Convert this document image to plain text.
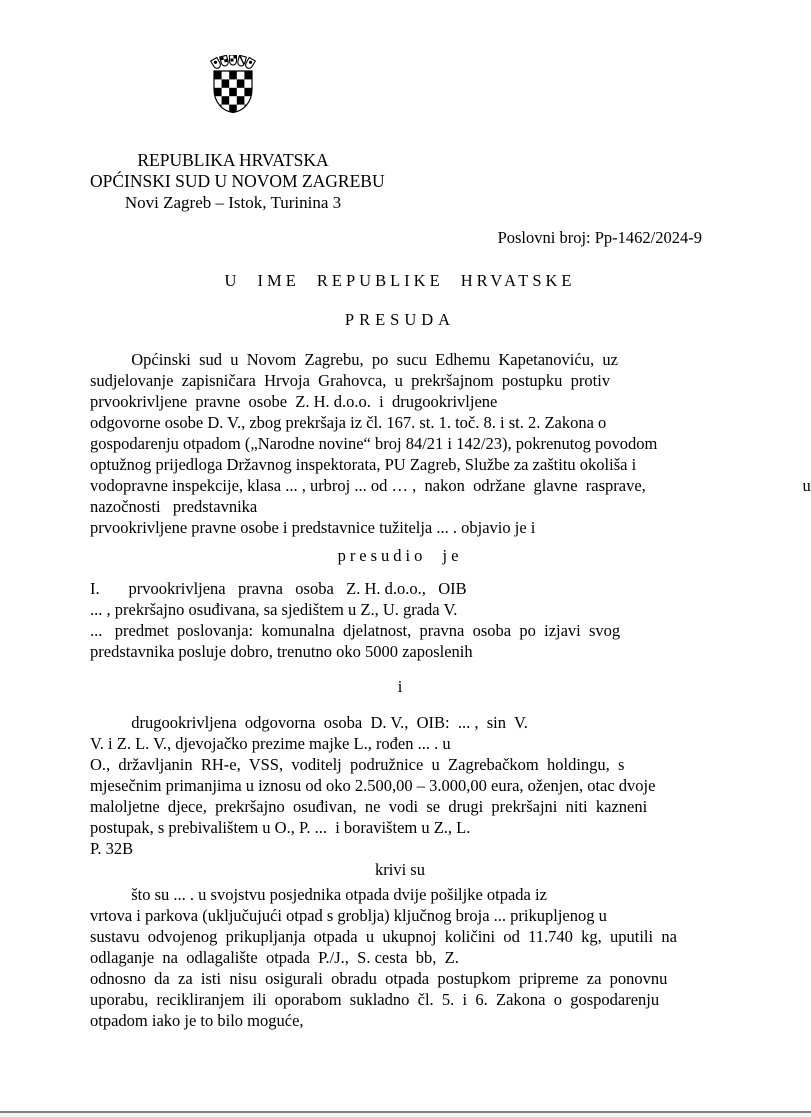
REPUBLIKA HRVATSKA
OPĆINSKI SUD U NOVOM ZAGREBU
Novi Zagreb – Istok, Turinina 3
Poslovni broj: Pp-1462/2024-9
U IME REPUBLIKE HRVATSKE
PRESUDA
Općinski  sud  u  Novom  Zagrebu,  po  sucu  Edhemu  Kapetanoviću,  uz
sudjelovanje  zapisničara  Hrvoja  Grahovca,  u  prekršajnom  postupku  protiv
prvookrivljene  pravne  osobe  Z. H. d.o.o.  i  drugookrivljene
odgovorne osobe D. V., zbog prekršaja iz čl. 167. st. 1. toč. 8. i st. 2. Zakona o
gospodarenju otpadom („Narodne novine“ broj 84/21 i 142/23), pokrenutog povodom
optužnog prijedloga Državnog inspektorata, PU Zagreb, Službe za zaštitu okoliša i
vodopravne inspekcije, klasa ... , urbroj ... od … ,  nakon  održane  glavne  rasprave,                                      u
nazočnosti   predstavnika
prvookrivljene pravne osobe i predstavnice tužitelja ... . objavio je i
presudio je
I.       prvookrivljena   pravna   osoba   Z. H. d.o.o.,   OIB
... , prekršajno osuđivana, sa sjedištem u Z., U. grada V.
...   predmet  poslovanja:  komunalna  djelatnost,  pravna  osoba  po  izjavi  svog
predstavnika posluje dobro, trenutno oko 5000 zaposlenih
i
drugookrivljena  odgovorna  osoba  D. V.,  OIB:  ... ,  sin  V.
V. i Z. L. V., djevojačko prezime majke L., rođen ... . u
O.,  državljanin  RH-e,  VSS,  voditelj  podružnice  u  Zagrebačkom  holdingu,  s
mjesečnim primanjima u iznosu od oko 2.500,00 – 3.000,00 eura, oženjen, otac dvoje
maloljetne  djece,  prekršajno  osuđivan,  ne  vodi  se  drugi  prekršajni  niti  kazneni
postupak, s prebivalištem u O., P. ...  i boravištem u Z., L.
P. 32B
krivi su
što su ... . u svojstvu posjednika otpada dvije pošiljke otpada iz
vrtova i parkova (uključujući otpad s groblja) ključnog broja ... prikupljenog u
sustavu  odvojenog  prikupljanja  otpada  u  ukupnoj  količini  od  11.740  kg,  uputili  na
odlaganje  na  odlagalište  otpada  P./J.,  S. cesta  bb,  Z.
odnosno  da  za  isti  nisu  osigurali  obradu  otpada  postupkom  pripreme  za  ponovnu
uporabu,  recikliranjem  ili  oporabom  sukladno  čl.  5.  i  6.  Zakona  o  gospodarenju
otpadom iako je to bilo moguće,
